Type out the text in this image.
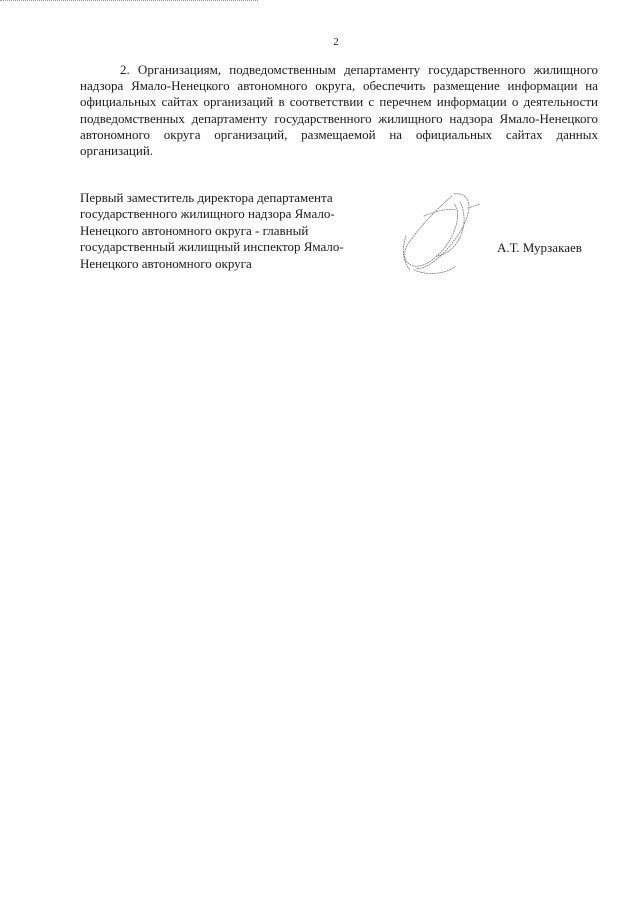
2

2. Организациям, подведомственным департаменту государственного жилищного надзора Ямало-Ненецкого автономного округа, обеспечить размещение информации на официальных сайтах организаций в соответствии с перечнем информации о деятельности подведомственных департаменту государственного жилищного надзора Ямало-Ненецкого автономного округа организаций, размещаемой на официальных сайтах данных организаций.

Первый заместитель директора департамента государственного жилищного надзора Ямало-Ненецкого автономного округа - главный государственный жилищный инспектор Ямало-Ненецкого автономного округа

А.Т. Мурзакаев
